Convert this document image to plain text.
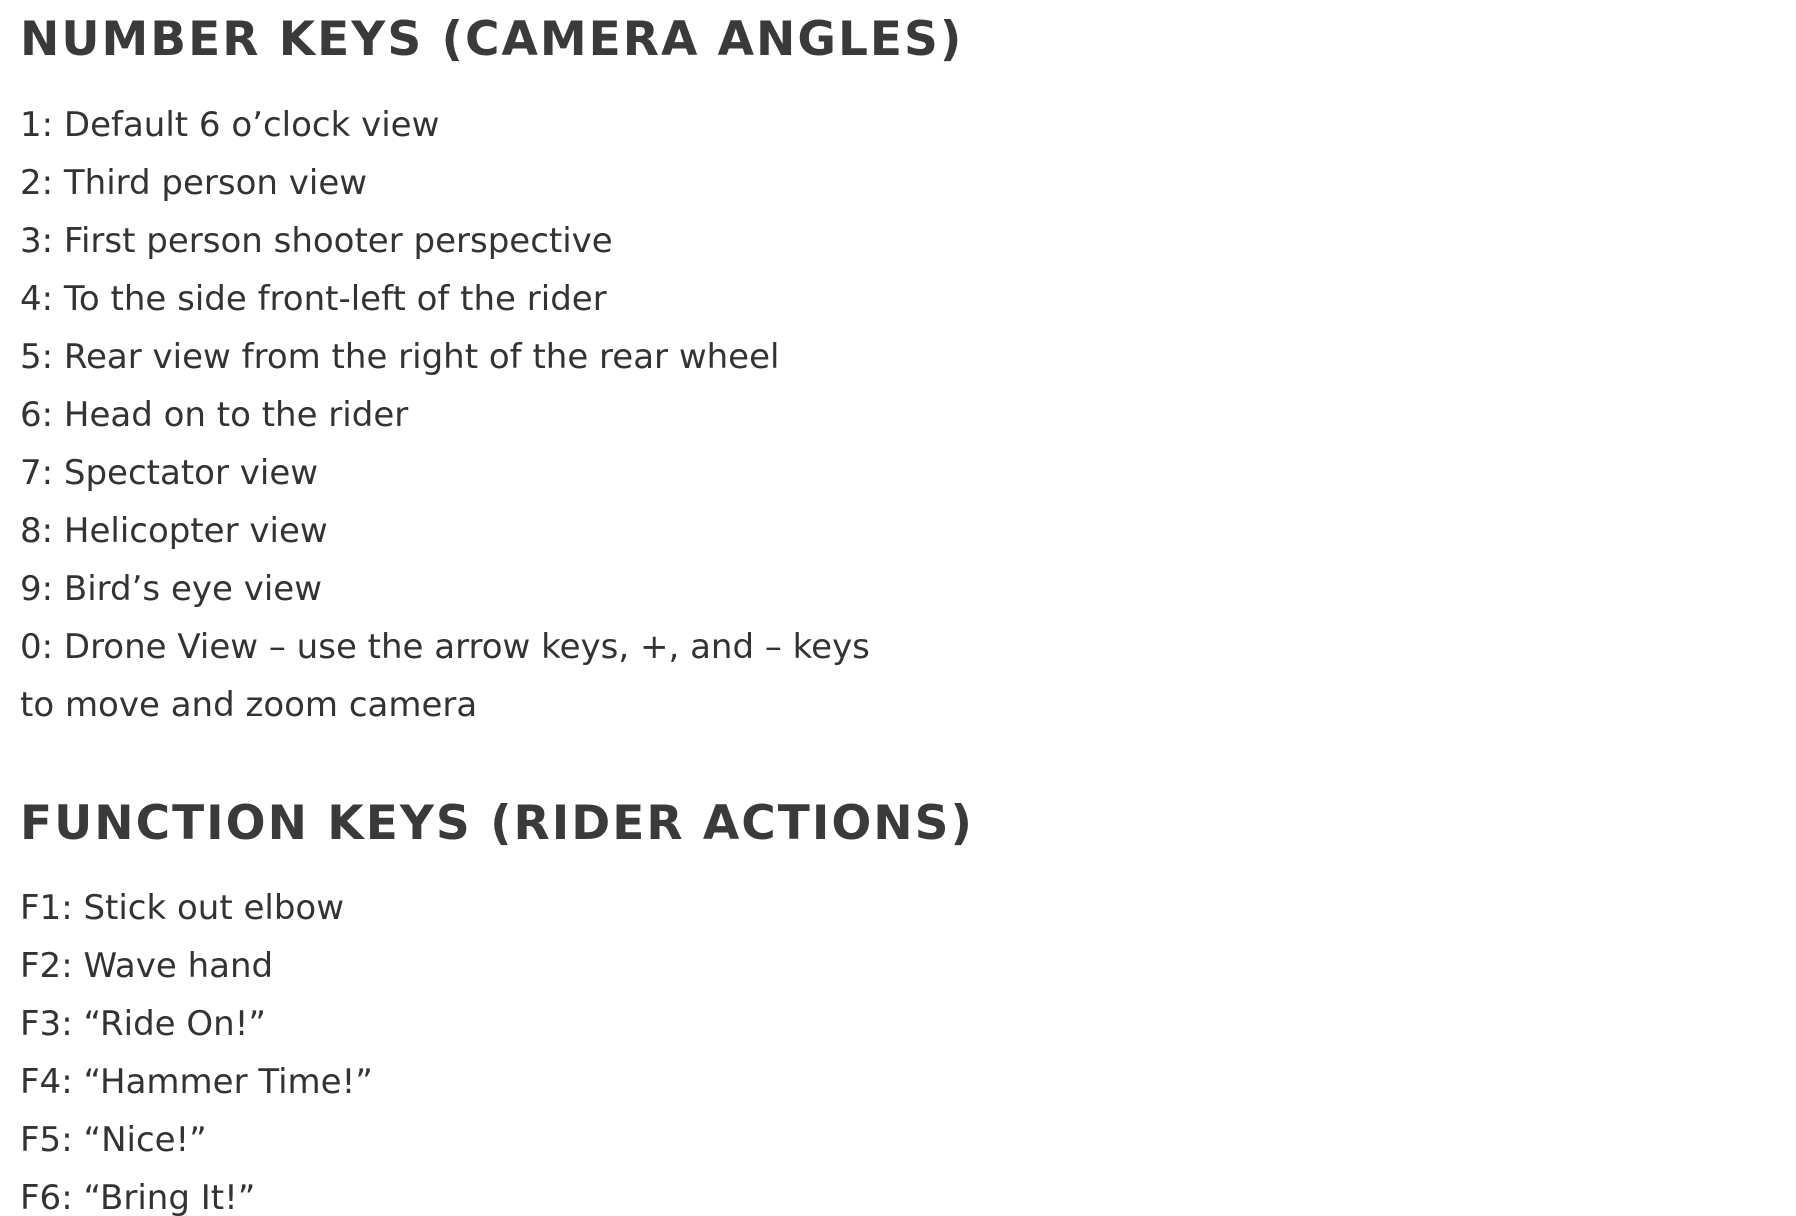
NUMBER KEYS (CAMERA ANGLES)
1: Default 6 o’clock view
2: Third person view
3: First person shooter perspective
4: To the side front-left of the rider
5: Rear view from the right of the rear wheel
6: Head on to the rider
7: Spectator view
8: Helicopter view
9: Bird’s eye view
0: Drone View – use the arrow keys, +, and – keys to move and zoom camera
FUNCTION KEYS (RIDER ACTIONS)
F1: Stick out elbow
F2: Wave hand
F3: “Ride On!”
F4: “Hammer Time!”
F5: “Nice!”
F6: “Bring It!”
